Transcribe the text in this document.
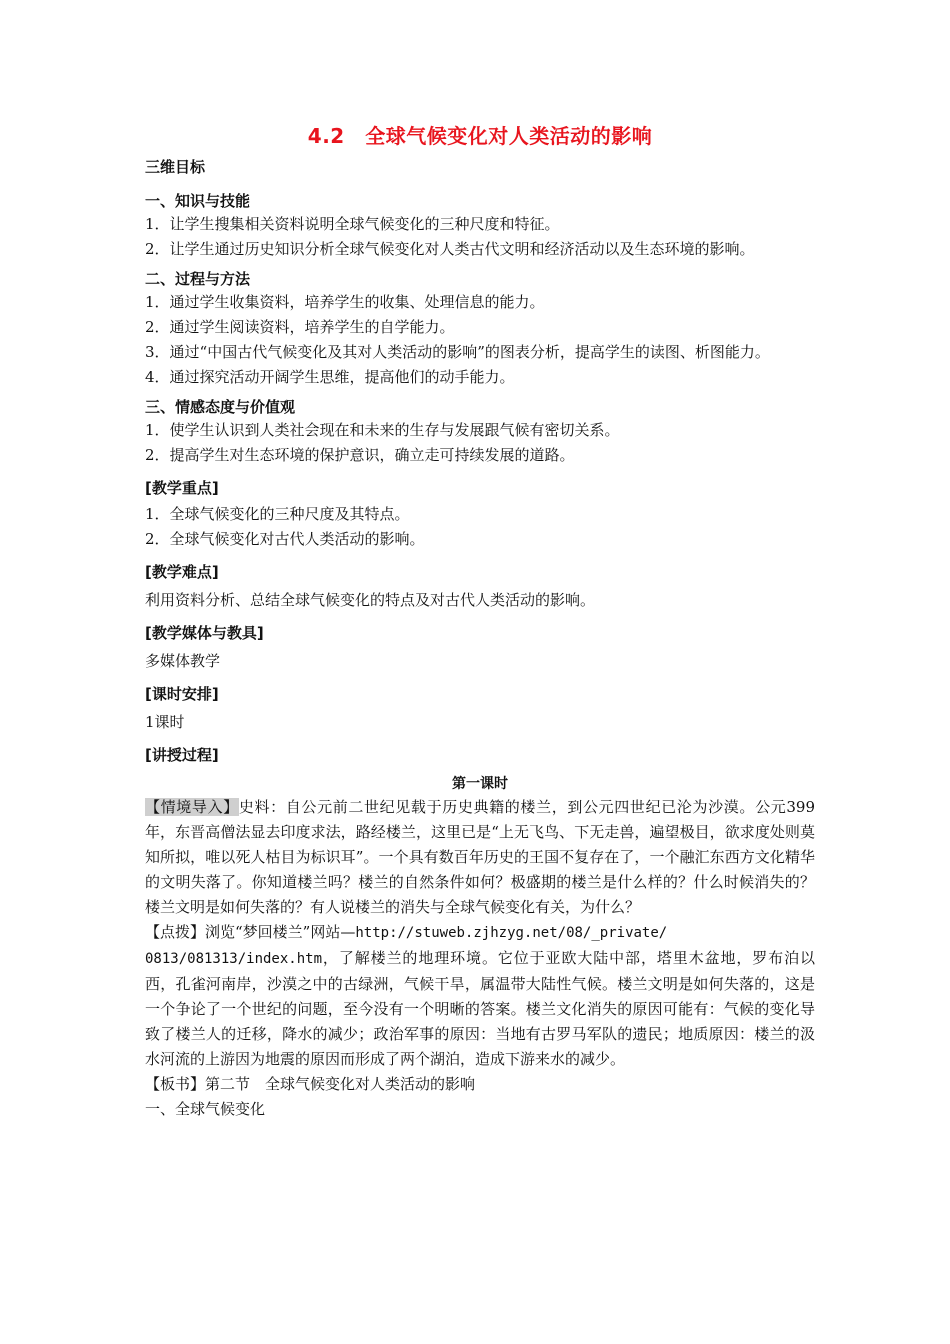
4.2　全球气候变化对人类活动的影响
三维目标
一、知识与技能
1．让学生搜集相关资料说明全球气候变化的三种尺度和特征。
2．让学生通过历史知识分析全球气候变化对人类古代文明和经济活动以及生态环境的影响。
二、过程与方法
1．通过学生收集资料，培养学生的收集、处理信息的能力。
2．通过学生阅读资料，培养学生的自学能力。
3．通过“中国古代气候变化及其对人类活动的影响”的图表分析，提高学生的读图、析图能力。
4．通过探究活动开阔学生思维，提高他们的动手能力。
三、情感态度与价值观
1．使学生认识到人类社会现在和未来的生存与发展跟气候有密切关系。
2．提高学生对生态环境的保护意识，确立走可持续发展的道路。
[教学重点]
1．全球气候变化的三种尺度及其特点。
2．全球气候变化对古代人类活动的影响。
[教学难点]
利用资料分析、总结全球气候变化的特点及对古代人类活动的影响。
[教学媒体与教具]
多媒体教学
[课时安排]
1课时
[讲授过程]
第一课时

【情境导入】史料：自公元前二世纪见载于历史典籍的楼兰，到公元四世纪已沦为沙漠。公元399 年，东晋高僧法显去印度求法，路经楼兰，这里已是“上无飞鸟、下无走兽，遍望极目，欲求度处则莫知所拟，唯以死人枯目为标识耳”。一个具有数百年历史的王国不复存在了，一个融汇东西方文化精华的文明失落了。你知道楼兰吗？楼兰的自然条件如何？极盛期的楼兰是什么样的？什么时候消失的？楼兰文明是如何失落的？有人说楼兰的消失与全球气候变化有关，为什么？

【点拨】浏览“梦回楼兰”网站—http://stuweb.zjhzyg.net/08/_private/
0813/081313/index.htm，了解楼兰的地理环境。它位于亚欧大陆中部，塔里木盆地，罗布泊以西，孔雀河南岸，沙漠之中的古绿洲，气候干旱，属温带大陆性气候。楼兰文明是如何失落的，这是一个争论了一个世纪的问题，至今没有一个明晰的答案。楼兰文化消失的原因可能有：气候的变化导致了楼兰人的迁移，降水的减少；政治军事的原因：当地有古罗马军队的遗民；地质原因：楼兰的汲水河流的上游因为地震的原因而形成了两个湖泊，造成下游来水的减少。

【板书】第二节　全球气候变化对人类活动的影响

一、全球气候变化
